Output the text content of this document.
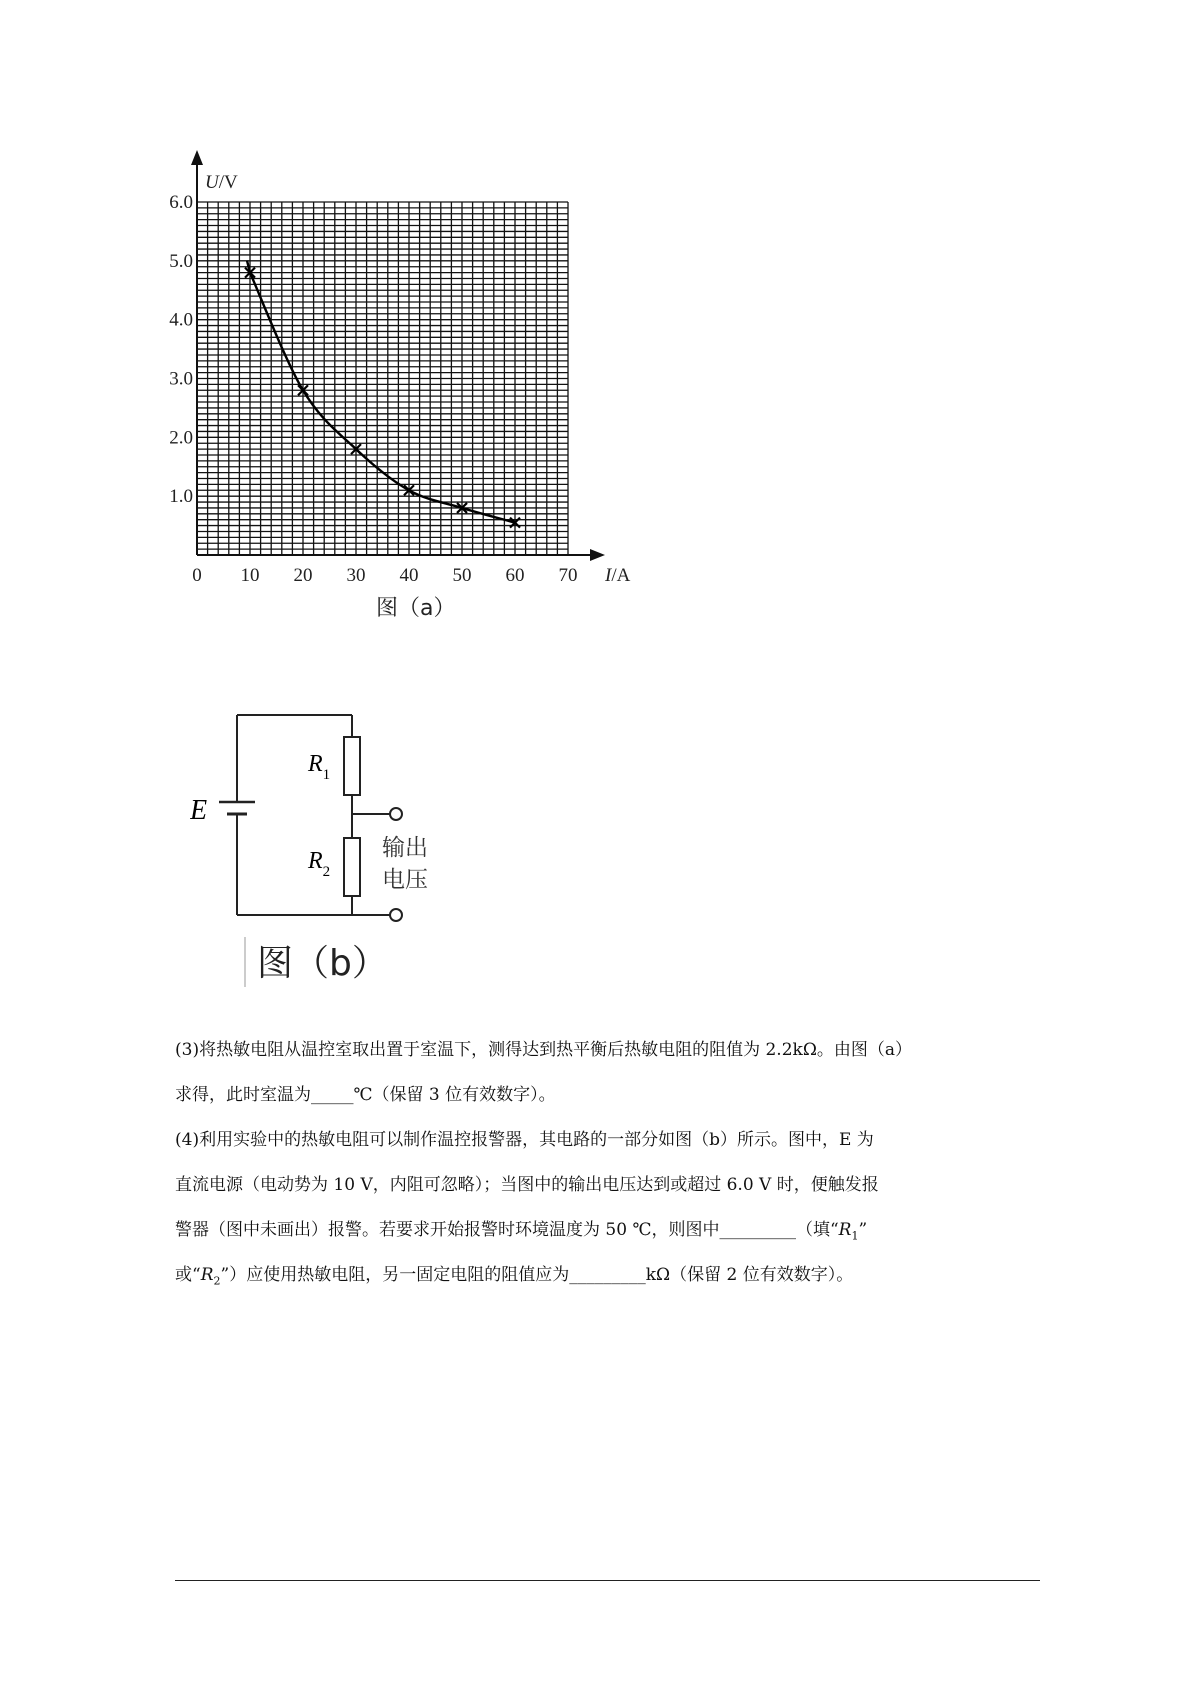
0 10 20 30 40 50 60 70
1.0
2.0
3.0
4.0
5.0
6.0
U/V
I/A
图（a）
E
$R_1$
$R_2$
输出
电压
图（b）

(3)将热敏电阻从温控室取出置于室温下，测得达到热平衡后热敏电阻的阻值为 2.2kΩ。由图（a）

求得，此时室温为_____℃（保留 3 位有效数字）。

(4)利用实验中的热敏电阻可以制作温控报警器，其电路的一部分如图（b）所示。图中，E 为

直流电源（电动势为 10 V，内阻可忽略）；当图中的输出电压达到或超过 6.0 V 时，便触发报

警器（图中未画出）报警。若要求开始报警时环境温度为 50 ℃，则图中_________（填“$R_1$”

或“$R_2$”）应使用热敏电阻，另一固定电阻的阻值应为_________kΩ（保留 2 位有效数字）。
